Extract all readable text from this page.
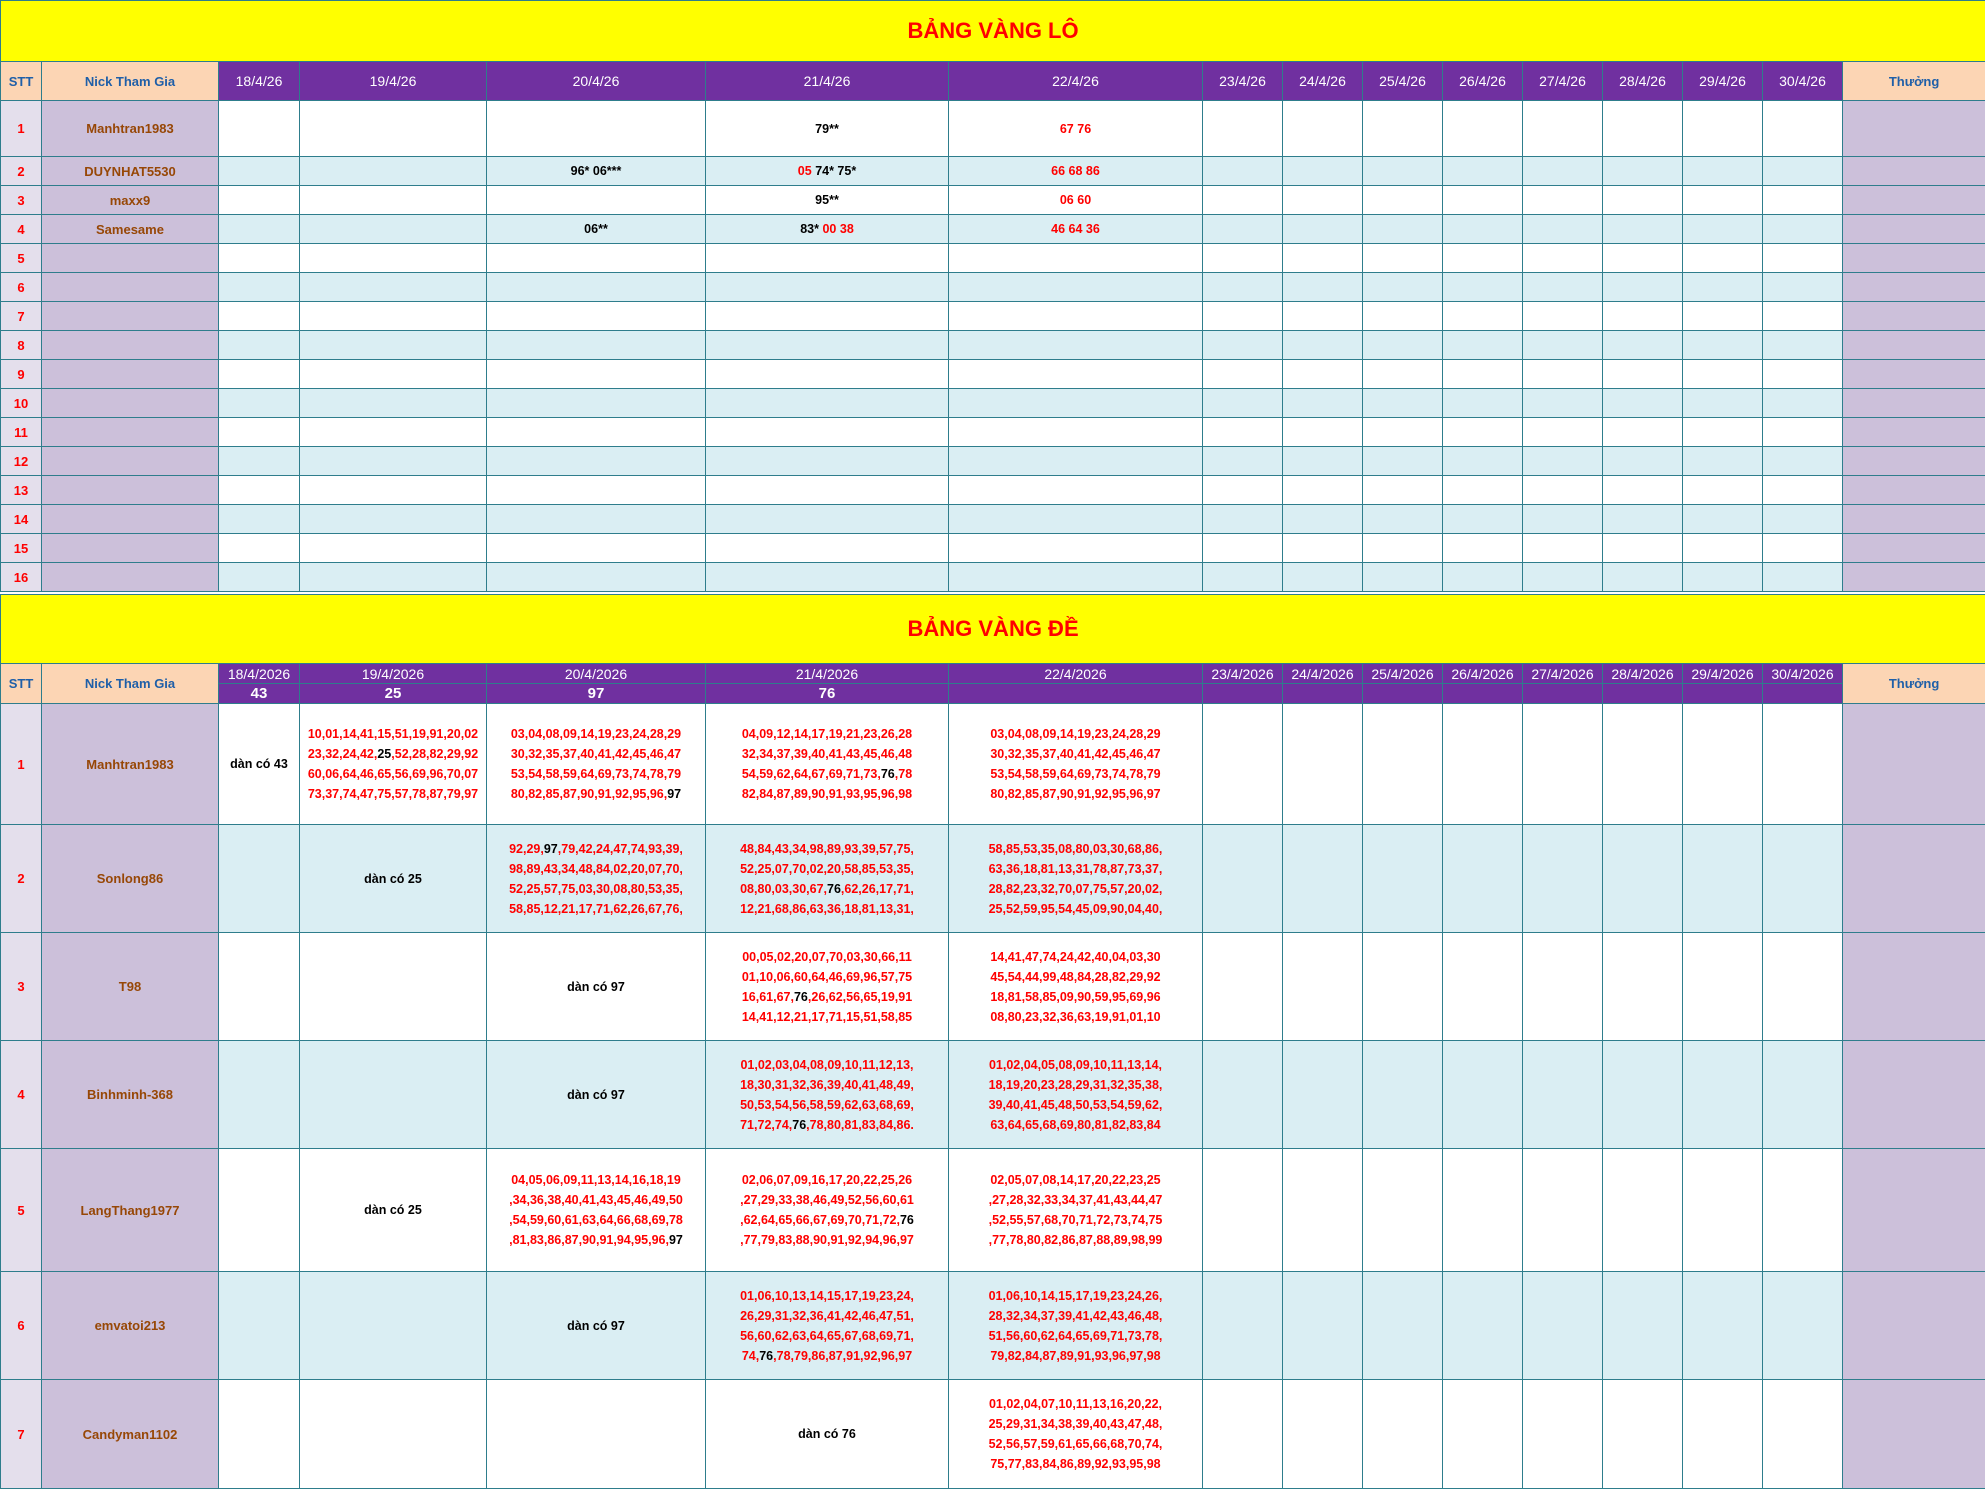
BẢNG VÀNG LÔ															
STT	Nick Tham Gia	18/4/26	19/4/26	20/4/26	21/4/26	22/4/26	23/4/26	24/4/26	25/4/26	26/4/26	27/4/26	28/4/26	29/4/26	30/4/26	Thưởng
1	Manhtran1983				79**	67 76									
2	DUYNHAT5530			96* 06***	05 74* 75*	66 68 86									
3	maxx9				95**	06 60									
4	Samesame			06**	83* 00 38	46 64 36									
5															
6															
7															
8															
9															
10															
11															
12															
13															
14															
15															
16															
BẢNG VÀNG ĐỀ															
STT	Nick Tham Gia	18/4/2026	19/4/2026	20/4/2026	21/4/2026	22/4/2026	23/4/2026	24/4/2026	25/4/2026	26/4/2026	27/4/2026	28/4/2026	29/4/2026	30/4/2026	Thưởng
		43	25	97	76										
1	Manhtran1983	dàn có 43	10,01,14,41,15,51,19,91,20,02
23,32,24,42,25,52,28,82,29,92
60,06,64,46,65,56,69,96,70,07
73,37,74,47,75,57,78,87,79,97	03,04,08,09,14,19,23,24,28,29
30,32,35,37,40,41,42,45,46,47
53,54,58,59,64,69,73,74,78,79
80,82,85,87,90,91,92,95,96,97	04,09,12,14,17,19,21,23,26,28
32,34,37,39,40,41,43,45,46,48
54,59,62,64,67,69,71,73,76,78
82,84,87,89,90,91,93,95,96,98	03,04,08,09,14,19,23,24,28,29
30,32,35,37,40,41,42,45,46,47
53,54,58,59,64,69,73,74,78,79
80,82,85,87,90,91,92,95,96,97									
2	Sonlong86		dàn có 25	92,29,97,79,42,24,47,74,93,39,
98,89,43,34,48,84,02,20,07,70,
52,25,57,75,03,30,08,80,53,35,
58,85,12,21,17,71,62,26,67,76,	48,84,43,34,98,89,93,39,57,75,
52,25,07,70,02,20,58,85,53,35,
08,80,03,30,67,76,62,26,17,71,
12,21,68,86,63,36,18,81,13,31,	58,85,53,35,08,80,03,30,68,86,
63,36,18,81,13,31,78,87,73,37,
28,82,23,32,70,07,75,57,20,02,
25,52,59,95,54,45,09,90,04,40,									
3	T98			dàn có 97	00,05,02,20,07,70,03,30,66,11
01,10,06,60,64,46,69,96,57,75
16,61,67,76,26,62,56,65,19,91
14,41,12,21,17,71,15,51,58,85	14,41,47,74,24,42,40,04,03,30
45,54,44,99,48,84,28,82,29,92
18,81,58,85,09,90,59,95,69,96
08,80,23,32,36,63,19,91,01,10									
4	Binhminh-368			dàn có 97	01,02,03,04,08,09,10,11,12,13,
18,30,31,32,36,39,40,41,48,49,
50,53,54,56,58,59,62,63,68,69,
71,72,74,76,78,80,81,83,84,86.	01,02,04,05,08,09,10,11,13,14,
18,19,20,23,28,29,31,32,35,38,
39,40,41,45,48,50,53,54,59,62,
63,64,65,68,69,80,81,82,83,84									
5	LangThang1977		dàn có 25	04,05,06,09,11,13,14,16,18,19
,34,36,38,40,41,43,45,46,49,50
,54,59,60,61,63,64,66,68,69,78
,81,83,86,87,90,91,94,95,96,97	02,06,07,09,16,17,20,22,25,26
,27,29,33,38,46,49,52,56,60,61
,62,64,65,66,67,69,70,71,72,76
,77,79,83,88,90,91,92,94,96,97	02,05,07,08,14,17,20,22,23,25
,27,28,32,33,34,37,41,43,44,47
,52,55,57,68,70,71,72,73,74,75
,77,78,80,82,86,87,88,89,98,99									
6	emvatoi213			dàn có 97	01,06,10,13,14,15,17,19,23,24,
26,29,31,32,36,41,42,46,47,51,
56,60,62,63,64,65,67,68,69,71,
74,76,78,79,86,87,91,92,96,97	01,06,10,14,15,17,19,23,24,26,
28,32,34,37,39,41,42,43,46,48,
51,56,60,62,64,65,69,71,73,78,
79,82,84,87,89,91,93,96,97,98									
7	Candyman1102				dàn có 76	01,02,04,07,10,11,13,16,20,22,
25,29,31,34,38,39,40,43,47,48,
52,56,57,59,61,65,66,68,70,74,
75,77,83,84,86,89,92,93,95,98									
